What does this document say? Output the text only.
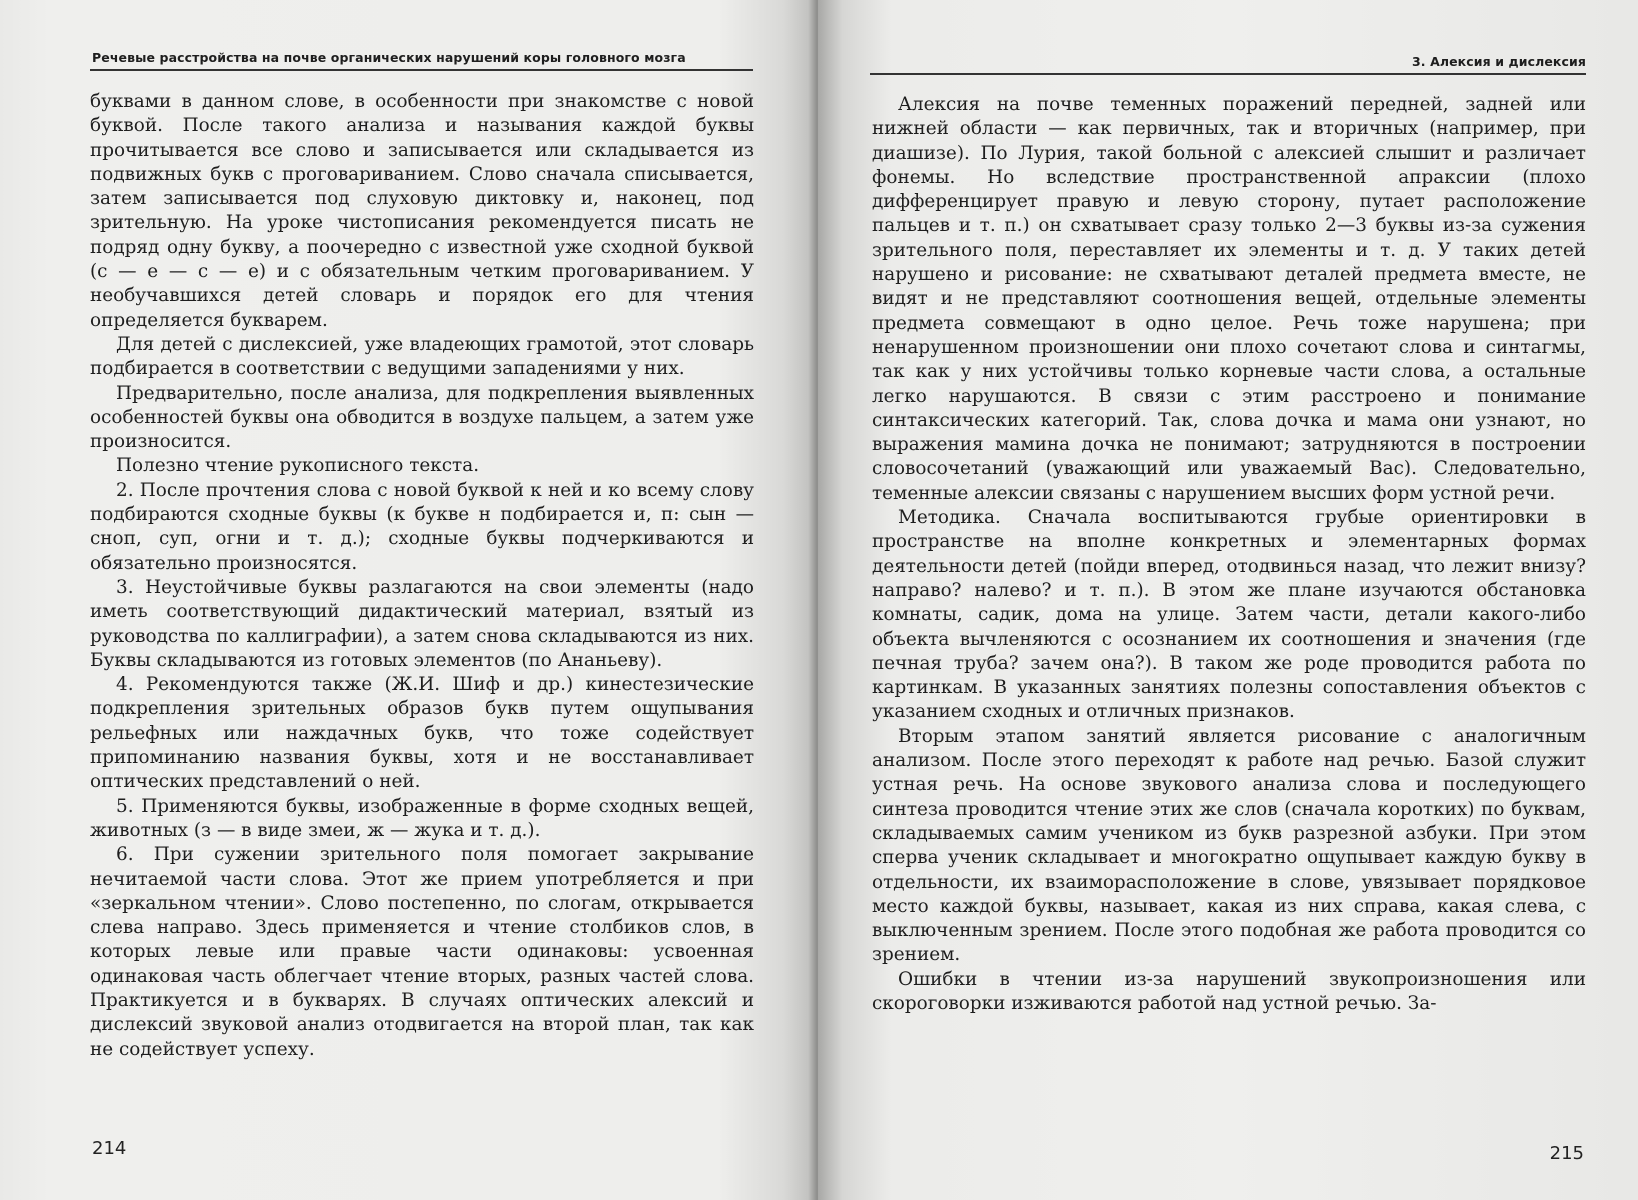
Речевые расстройства на почве органических нарушений коры головного мозга

буквами в данном слове, в особенности при знакомстве с новой буквой. После такого анализа и называния каждой буквы прочитывается все слово и записывается или складывается из подвижных букв с проговариванием. Слово сначала списывается, затем записывается под слуховую диктовку и, наконец, под зрительную. На уроке чистописания рекомендуется писать не подряд одну букву, а поочередно с известной уже сходной буквой (с — е — с — е) и с обязательным четким проговариванием. У необучавшихся детей словарь и порядок его для чтения определяется букварем.

Для детей с дислексией, уже владеющих грамотой, этот словарь подбирается в соответствии с ведущими западениями у них.

Предварительно, после анализа, для подкрепления выявленных особенностей буквы она обводится в воздухе пальцем, а затем уже произносится.

Полезно чтение рукописного текста.

2. После прочтения слова с новой буквой к ней и ко всему слову подбираются сходные буквы (к букве н подбирается и, п: сын — сноп, суп, огни и т. д.); сходные буквы подчеркиваются и обязательно произносятся.

3. Неустойчивые буквы разлагаются на свои элементы (надо иметь соответствующий дидактический материал, взятый из руководства по каллиграфии), а затем снова складываются из них. Буквы складываются из готовых элементов (по Ананьеву).

4. Рекомендуются также (Ж.И. Шиф и др.) кинестезические подкрепления зрительных образов букв путем ощупывания рельефных или наждачных букв, что тоже содействует припоминанию названия буквы, хотя и не восстанавливает оптических представлений о ней.

5. Применяются буквы, изображенные в форме сходных вещей, животных (з — в виде змеи, ж — жука и т. д.).

6. При сужении зрительного поля помогает закрывание нечитаемой части слова. Этот же прием употребляется и при «зеркальном чтении». Слово постепенно, по слогам, открывается слева направо. Здесь применяется и чтение столбиков слов, в которых левые или правые части одинаковы: усвоенная одинаковая часть облегчает чтение вторых, разных частей слова. Практикуется и в букварях. В случаях оптических алексий и дислексий звуковой анализ отодвигается на второй план, так как не содействует успеху.

214
3. Алексия и дислексия

Алексия на почве теменных поражений передней, задней или нижней области — как первичных, так и вторичных (например, при диашизе). По Лурия, такой больной с алексией слышит и различает фонемы. Но вследствие пространственной апраксии (плохо дифференцирует правую и левую сторону, путает расположение пальцев и т. п.) он схватывает сразу только 2—3 буквы из-за сужения зрительного поля, переставляет их элементы и т. д. У таких детей нарушено и рисование: не схватывают деталей предмета вместе, не видят и не представляют соотношения вещей, отдельные элементы предмета совмещают в одно целое. Речь тоже нарушена; при ненарушенном произношении они плохо сочетают слова и синтагмы, так как у них устойчивы только корневые части слова, а остальные легко нарушаются. В связи с этим расстроено и понимание синтаксических категорий. Так, слова дочка и мама они узнают, но выражения мамина дочка не понимают; затрудняются в построении словосочетаний (уважающий или уважаемый Вас). Следовательно, теменные алексии связаны с нарушением высших форм устной речи.

Методика. Сначала воспитываются грубые ориентировки в пространстве на вполне конкретных и элементарных формах деятельности детей (пойди вперед, отодвинься назад, что лежит внизу? направо? налево? и т. п.). В этом же плане изучаются обстановка комнаты, садик, дома на улице. Затем части, детали какого-либо объекта вычленяются с осознанием их соотношения и значения (где печная труба? зачем она?). В таком же роде проводится работа по картинкам. В указанных занятиях полезны сопоставления объектов с указанием сходных и отличных признаков.

Вторым этапом занятий является рисование с аналогичным анализом. После этого переходят к работе над речью. Базой служит устная речь. На основе звукового анализа слова и последующего синтеза проводится чтение этих же слов (сначала коротких) по буквам, складываемых самим учеником из букв разрезной азбуки. При этом сперва ученик складывает и многократно ощупывает каждую букву в отдельности, их взаиморасположение в слове, увязывает порядковое место каждой буквы, называет, какая из них справа, какая слева, с выключенным зрением. После этого подобная же работа проводится со зрением.

Ошибки в чтении из-за нарушений звукопроизношения или скороговорки изживаются работой над устной речью. За-

215
